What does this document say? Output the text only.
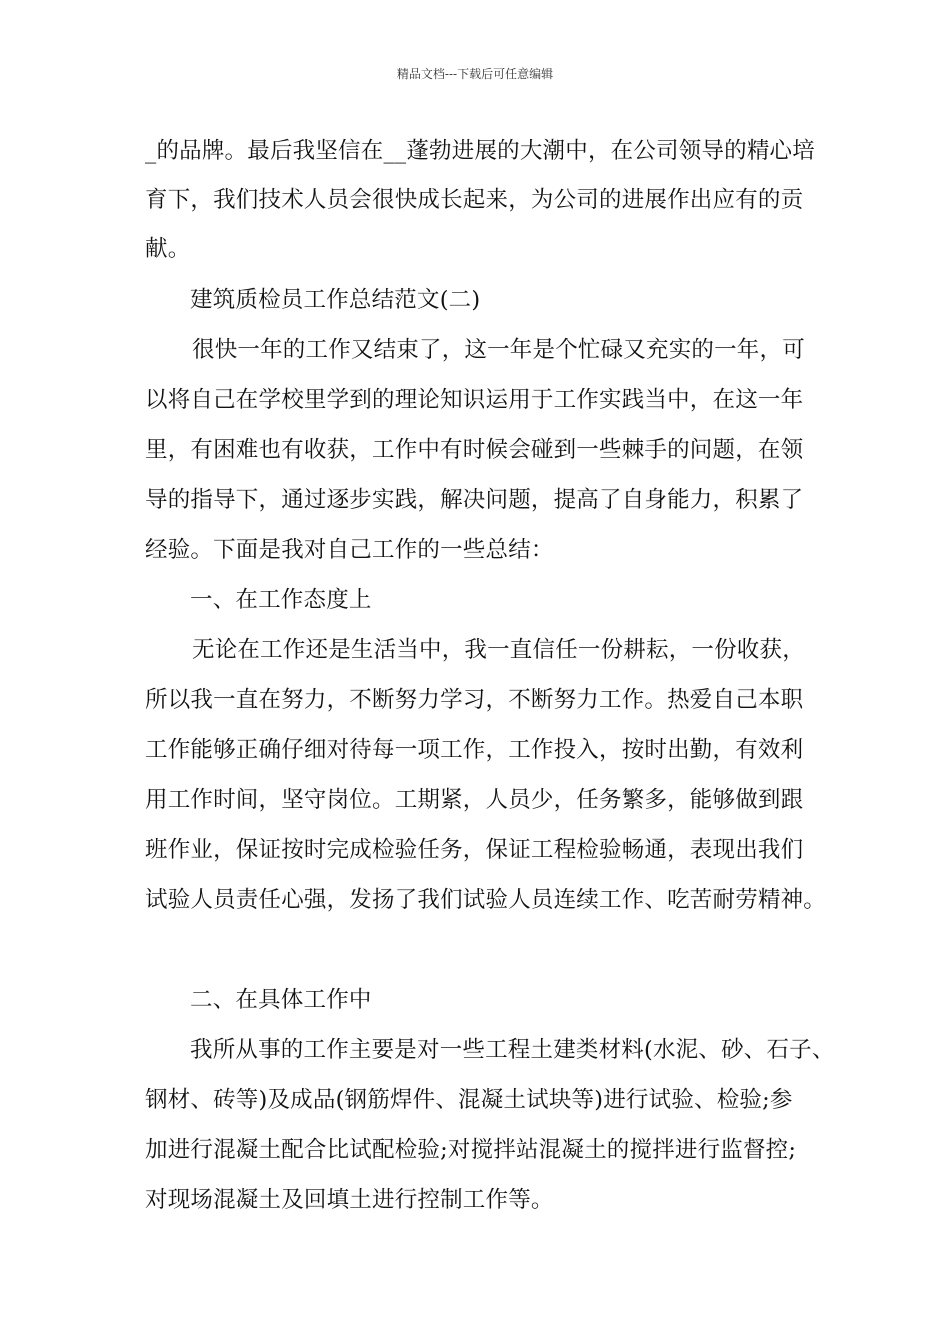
精品文档---下载后可任意编辑
_的品牌。最后我坚信在__蓬勃进展的大潮中，在公司领导的精心培
育下，我们技术人员会很快成长起来，为公司的进展作出应有的贡
献。
建筑质检员工作总结范文(二)
很快一年的工作又结束了，这一年是个忙碌又充实的一年，可
以将自己在学校里学到的理论知识运用于工作实践当中，在这一年
里，有困难也有收获，工作中有时候会碰到一些棘手的问题，在领
导的指导下，通过逐步实践，解决问题，提高了自身能力，积累了
经验。下面是我对自己工作的一些总结：
一、在工作态度上
无论在工作还是生活当中，我一直信任一份耕耘，一份收获，
所以我一直在努力，不断努力学习，不断努力工作。热爱自己本职
工作能够正确仔细对待每一项工作，工作投入，按时出勤，有效利
用工作时间，坚守岗位。工期紧，人员少，任务繁多，能够做到跟
班作业，保证按时完成检验任务，保证工程检验畅通，表现出我们
试验人员责任心强，发扬了我们试验人员连续工作、吃苦耐劳精神。
二、在具体工作中
我所从事的工作主要是对一些工程土建类材料(水泥、砂、石子、
钢材、砖等)及成品(钢筋焊件、混凝土试块等)进行试验、检验;参
加进行混凝土配合比试配检验;对搅拌站混凝土的搅拌进行监督控;
对现场混凝土及回填土进行控制工作等。
